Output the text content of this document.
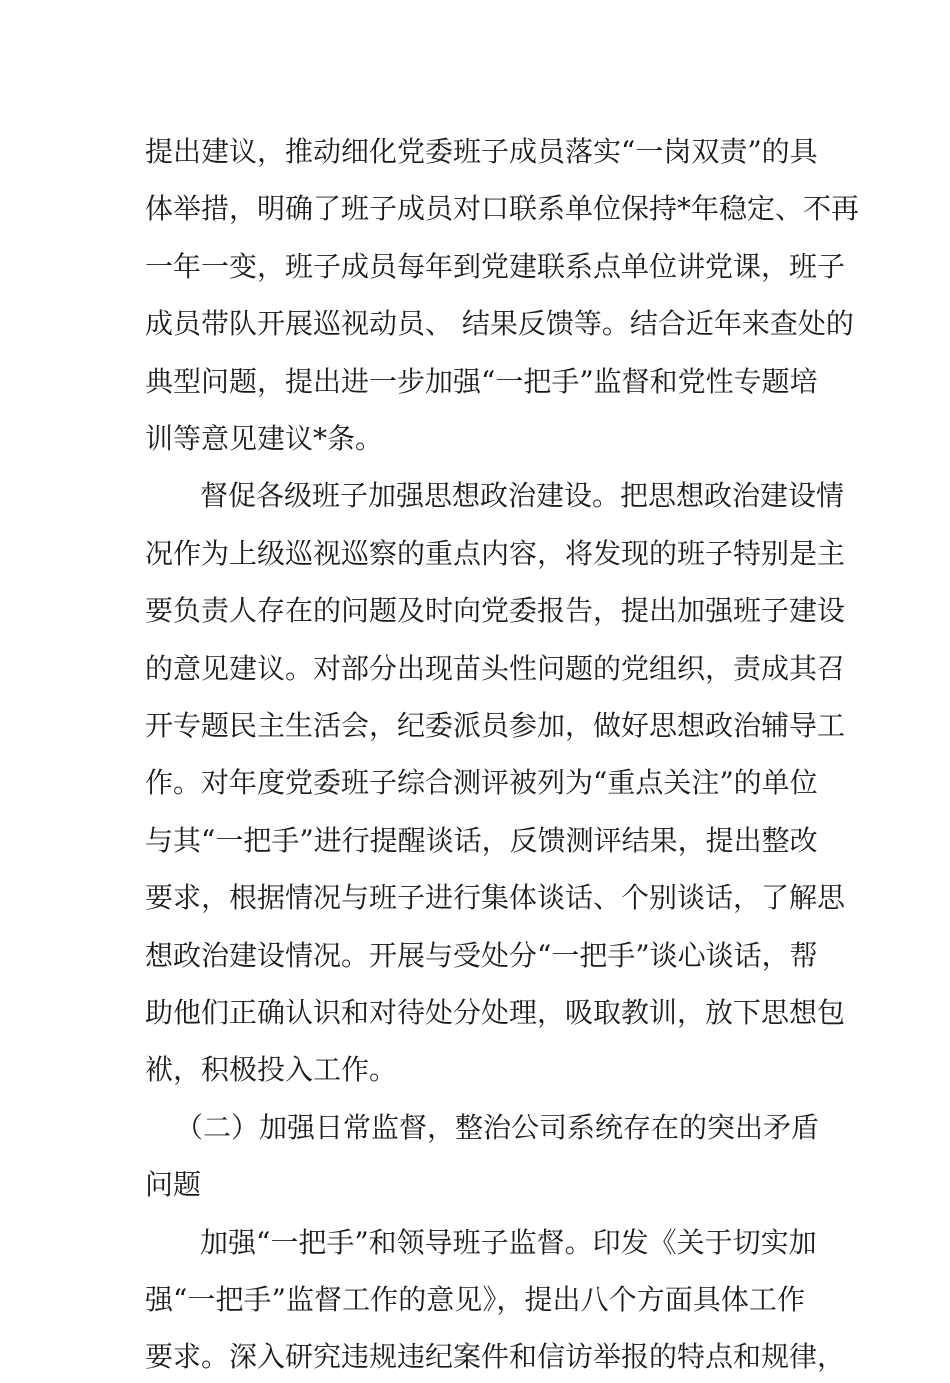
提出建议，推动细化党委班子成员落实“一岗双责”的具
体举措，明确了班子成员对口联系单位保持*年稳定、不再
一年一变，班子成员每年到党建联系点单位讲党课，班子
成员带队开展巡视动员、 结果反馈等。结合近年来查处的
典型问题，提出进一步加强“一把手”监督和党性专题培
训等意见建议*条。
督促各级班子加强思想政治建设。把思想政治建设情
况作为上级巡视巡察的重点内容，将发现的班子特别是主
要负责人存在的问题及时向党委报告，提出加强班子建设
的意见建议。对部分出现苗头性问题的党组织，责成其召
开专题民主生活会，纪委派员参加，做好思想政治辅导工
作。对年度党委班子综合测评被列为“重点关注”的单位
与其“一把手”进行提醒谈话，反馈测评结果，提出整改
要求，根据情况与班子进行集体谈话、个别谈话，了解思
想政治建设情况。开展与受处分“一把手”谈心谈话，帮
助他们正确认识和对待处分处理，吸取教训，放下思想包
袱，积极投入工作。
（二）加强日常监督，整治公司系统存在的突出矛盾
问题
加强“一把手”和领导班子监督。印发《关于切实加
强“一把手”监督工作的意见》，提出八个方面具体工作
要求。深入研究违规违纪案件和信访举报的特点和规律，
